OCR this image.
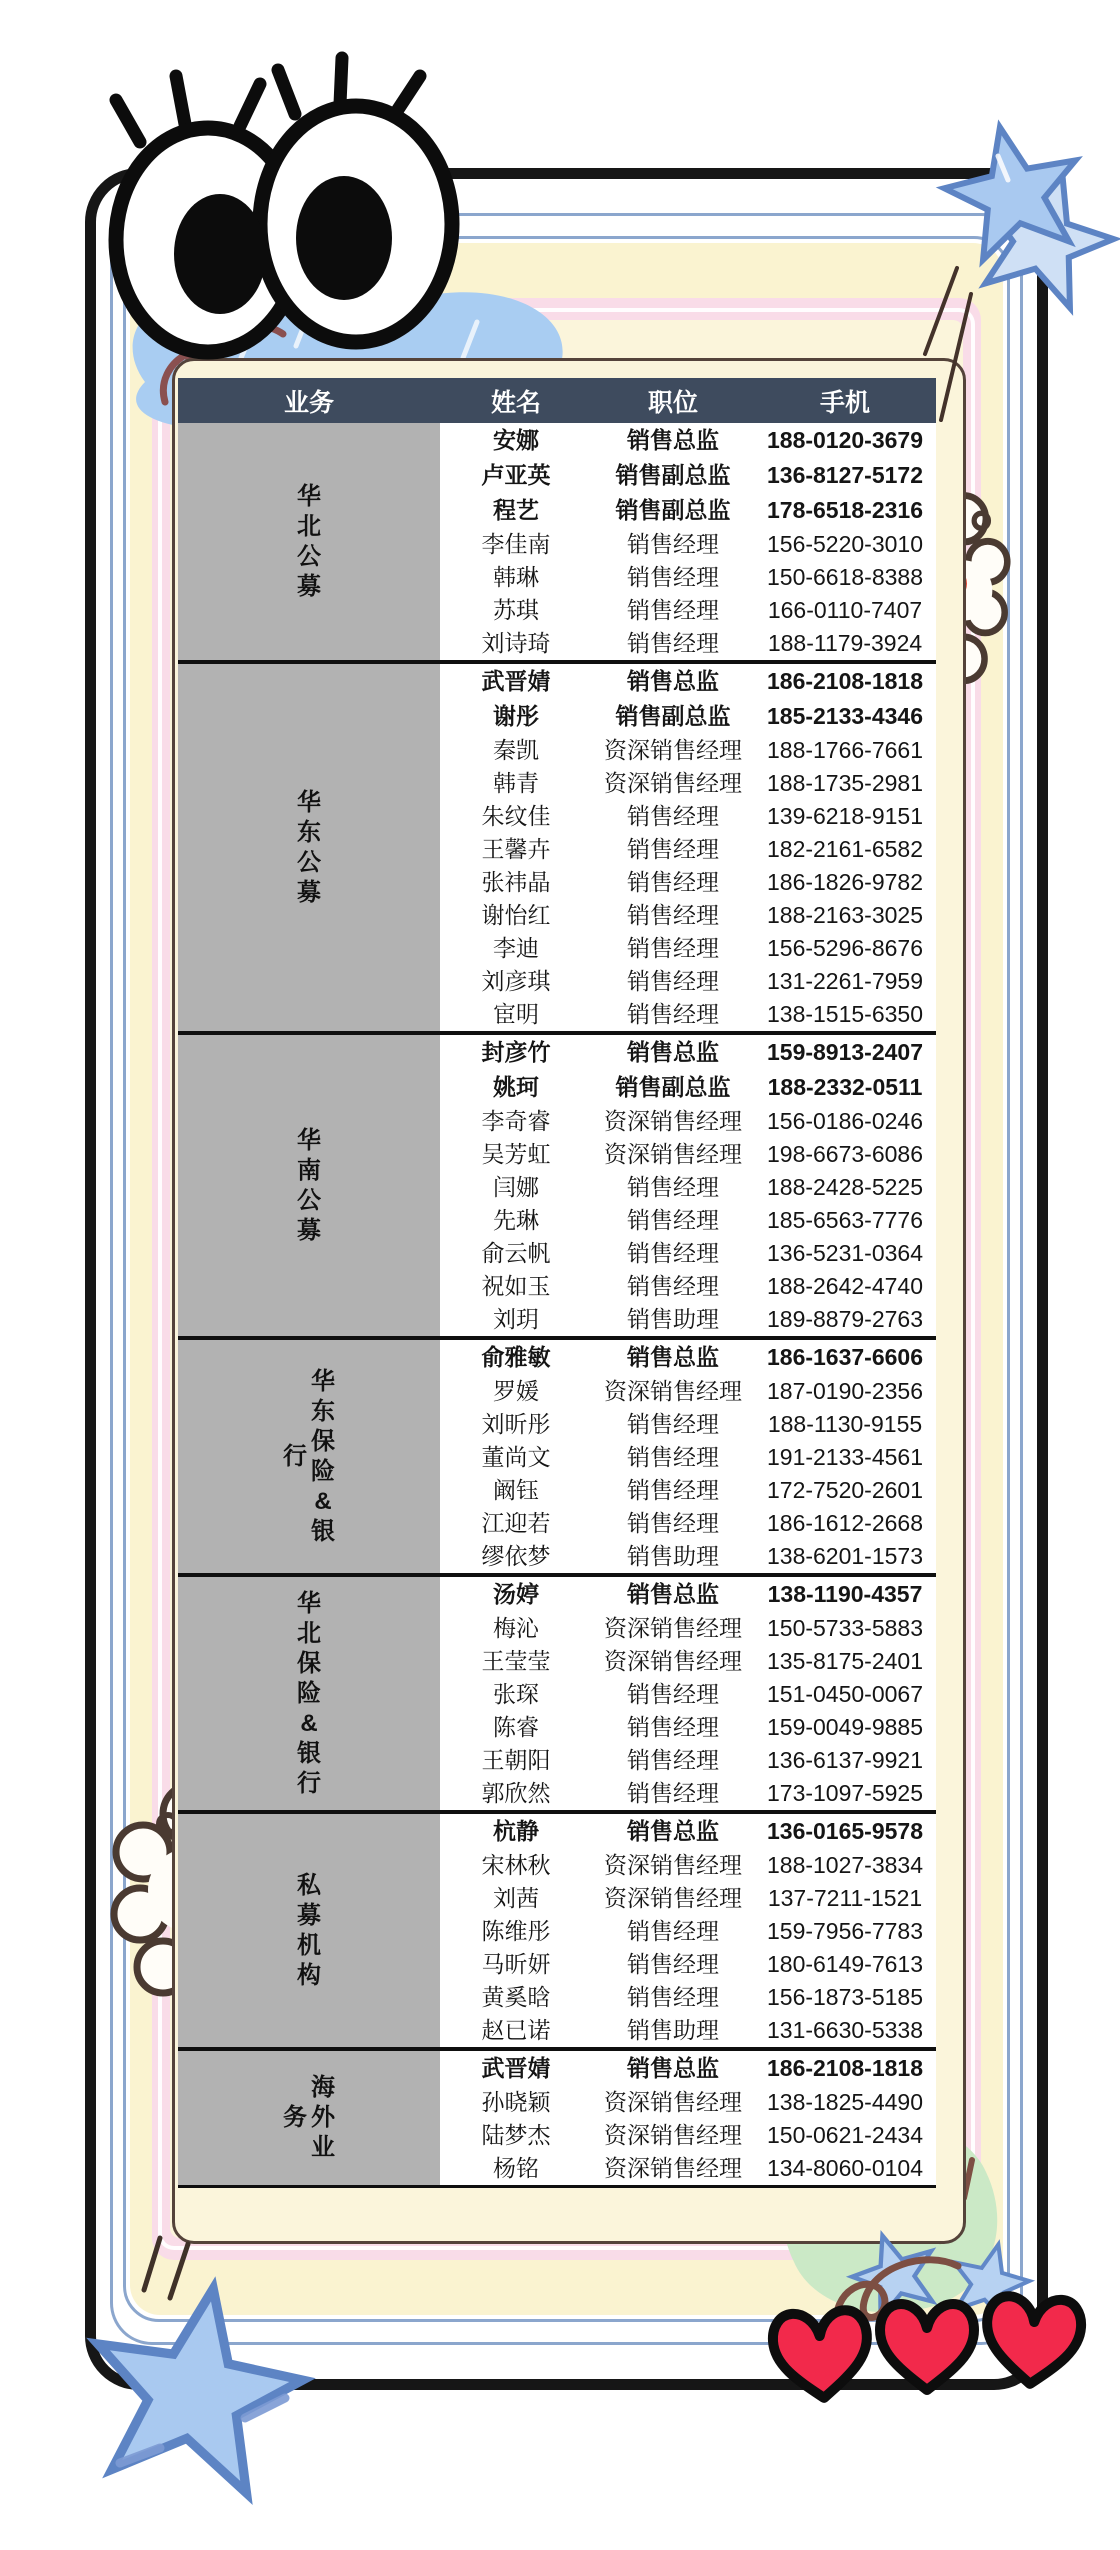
业务	姓名	职位	手机

华
北
公
募	安娜	销售总监	188-0120-3679
	卢亚英	销售副总监	136-8127-5172
	程艺	销售副总监	178-6518-2316
	李佳南	销售经理	156-5220-3010
	韩琳	销售经理	150-6618-8388
	苏琪	销售经理	166-0110-7407
	刘诗琦	销售经理	188-1179-3924

华
东
公
募	武晋婧	销售总监	186-2108-1818
	谢彤	销售副总监	185-2133-4346
	秦凯	资深销售经理	188-1766-7661
	韩青	资深销售经理	188-1735-2981
	朱纹佳	销售经理	139-6218-9151
	王馨卉	销售经理	182-2161-6582
	张祎晶	销售经理	186-1826-9782
	谢怡红	销售经理	188-2163-3025
	李迪	销售经理	156-5296-8676
	刘彦琪	销售经理	131-2261-7959
	宦明	销售经理	138-1515-6350

华
南
公
募	封彦竹	销售总监	159-8913-2407
	姚珂	销售副总监	188-2332-0511
	李奇睿	资深销售经理	156-0186-0246
	吴芳虹	资深销售经理	198-6673-6086
	闫娜	销售经理	188-2428-5225
	先琳	销售经理	185-6563-7776
	俞云帆	销售经理	136-5231-0364
	祝如玉	销售经理	188-2642-4740
	刘玥	销售助理	189-8879-2763

华
东
保
险
&
银
行
	俞雅敏	销售总监	186-1637-6606
	罗媛	资深销售经理	187-0190-2356
	刘昕彤	销售经理	188-1130-9155
	董尚文	销售经理	191-2133-4561
	阚钰	销售经理	172-7520-2601
	江迎若	销售经理	186-1612-2668
	缪依梦	销售助理	138-6201-1573

华
北
保
险
&
银
行
	汤婷	销售总监	138-1190-4357
	梅沁	资深销售经理	150-5733-5883
	王莹莹	资深销售经理	135-8175-2401
	张琛	销售经理	151-0450-0067
	陈睿	销售经理	159-0049-9885
	王朝阳	销售经理	136-6137-9921
	郭欣然	销售经理	173-1097-5925

私
募
机
构	杭静	销售总监	136-0165-9578
	宋林秋	资深销售经理	188-1027-3834
	刘茜	资深销售经理	137-7211-1521
	陈维彤	销售经理	159-7956-7783
	马昕妍	销售经理	180-6149-7613
	黄奚晗	销售经理	156-1873-5185
	赵已诺	销售助理	131-6630-5338

海
外
业
务	武晋婧	销售总监	186-2108-1818
	孙晓颖	资深销售经理	138-1825-4490
	陆梦杰	资深销售经理	150-0621-2434
	杨铭	资深销售经理	134-8060-0104
